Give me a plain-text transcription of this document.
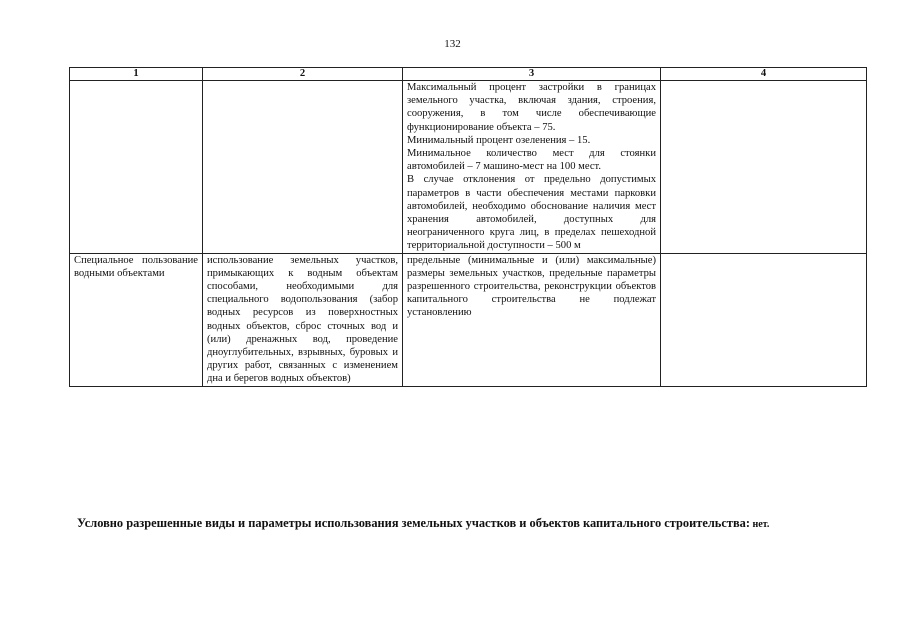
132
1	2	3	4

		Максимальный процент застройки в границах земельного участка, включая здания, строения, сооружения, в том числе обеспечивающие функционирование объекта – 75.

Минимальный процент озеленения – 15.

Минимальное количество мест для стоянки автомобилей – 7 машино-мест на 100 мест.

В случае отклонения от предельно допустимых параметров в части обеспечения местами парковки автомобилей, необходимо обоснование наличия мест хранения автомобилей, доступных для неограниченного круга лиц, в пределах пешеходной территориальной доступности – 500 м	

Специальное пользование водными объектами	использование земельных участков, примыкающих к водным объектам способами, необходимыми для специального водопользования (забор водных ресурсов из поверхностных водных объектов, сброс сточных вод и (или) дренажных вод, проведение дноуглубительных, взрывных, буровых и других работ, связанных с изменением дна и берегов водных объектов)	предельные (минимальные и (или) максимальные) размеры земельных участков, предельные параметры разрешенного строительства, реконструкции объектов капитального строительства не подлежат установлению	
Условно разрешенные виды и параметры использования земельных участков и объектов капитального строительства: нет.
